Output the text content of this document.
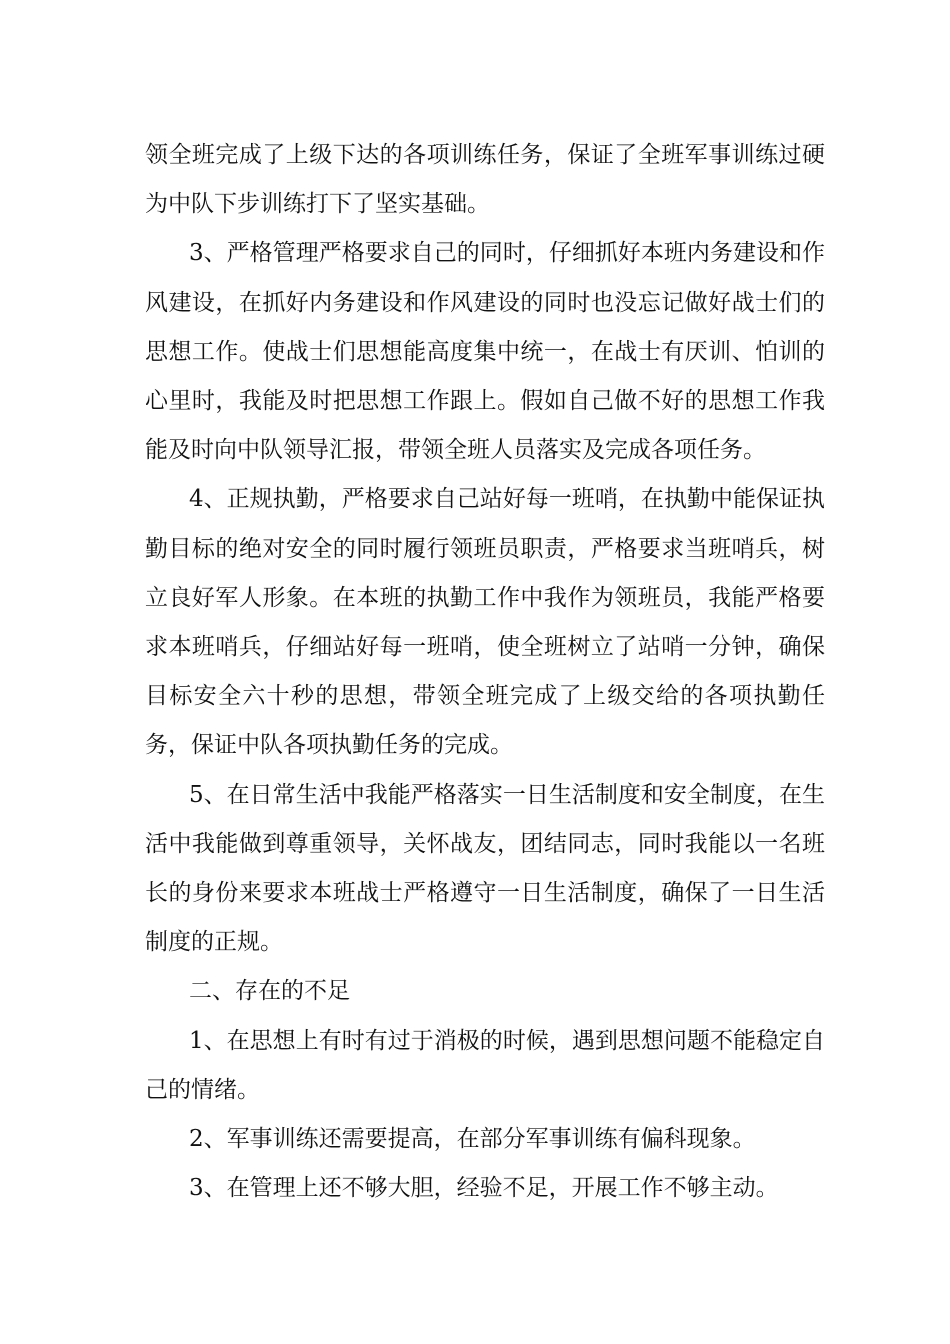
领全班完成了上级下达的各项训练任务，保证了全班军事训练过硬为中队下步训练打下了坚实基础。

3、严格管理严格要求自己的同时，仔细抓好本班内务建设和作风建设，在抓好内务建设和作风建设的同时也没忘记做好战士们的思想工作。使战士们思想能高度集中统一，在战士有厌训、怕训的心里时，我能及时把思想工作跟上。假如自己做不好的思想工作我能及时向中队领导汇报，带领全班人员落实及完成各项任务。

4、正规执勤，严格要求自己站好每一班哨，在执勤中能保证执勤目标的绝对安全的同时履行领班员职责，严格要求当班哨兵，树立良好军人形象。在本班的执勤工作中我作为领班员，我能严格要求本班哨兵，仔细站好每一班哨，使全班树立了站哨一分钟，确保目标安全六十秒的思想，带领全班完成了上级交给的各项执勤任务，保证中队各项执勤任务的完成。

5、在日常生活中我能严格落实一日生活制度和安全制度，在生活中我能做到尊重领导，关怀战友，团结同志，同时我能以一名班长的身份来要求本班战士严格遵守一日生活制度，确保了一日生活制度的正规。

二、存在的不足

1、在思想上有时有过于消极的时候，遇到思想问题不能稳定自己的情绪。

2、军事训练还需要提高，在部分军事训练有偏科现象。

3、在管理上还不够大胆，经验不足，开展工作不够主动。
